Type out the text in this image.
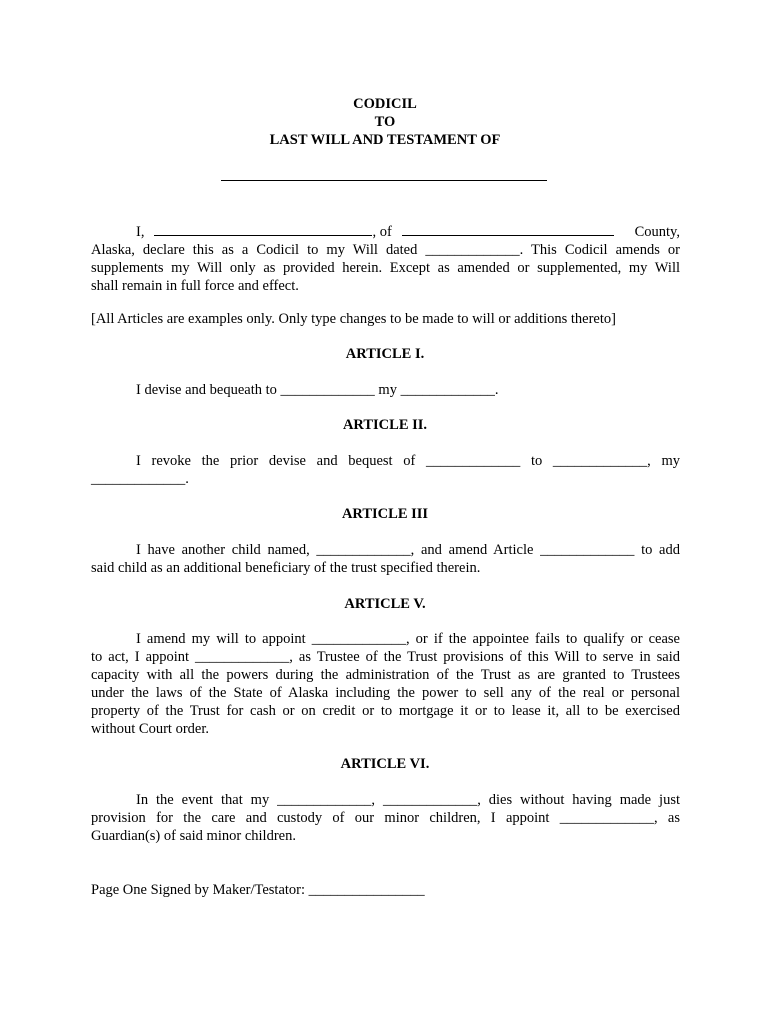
CODICIL
TO
LAST WILL AND TESTAMENT OF
I,	, of	County,
Alaska, declare this as a Codicil to my Will dated _____________. This Codicil amends or
supplements my Will only as provided herein. Except as amended or supplemented, my Will
shall remain in full force and effect.
[All Articles are examples only. Only type changes to be made to will or additions thereto]
ARTICLE I.
I devise and bequeath to _____________ my _____________.
ARTICLE II.
I revoke the prior devise and bequest of _____________ to _____________, my
_____________.
ARTICLE III
I have another child named, _____________, and amend Article _____________ to add
said child as an additional beneficiary of the trust specified therein.
ARTICLE V.
I amend my will to appoint _____________, or if the appointee fails to qualify or cease
to act, I appoint _____________, as Trustee of the Trust provisions of this Will to serve in said
capacity with all the powers during the administration of the Trust as are granted to Trustees
under the laws of the State of Alaska including the power to sell any of the real or personal
property of the Trust for cash or on credit or to mortgage it or to lease it, all to be exercised
without Court order.
ARTICLE VI.
In the event that my _____________, _____________, dies without having made just
provision for the care and custody of our minor children, I appoint _____________, as
Guardian(s) of said minor children.
Page One Signed by Maker/Testator: ________________
